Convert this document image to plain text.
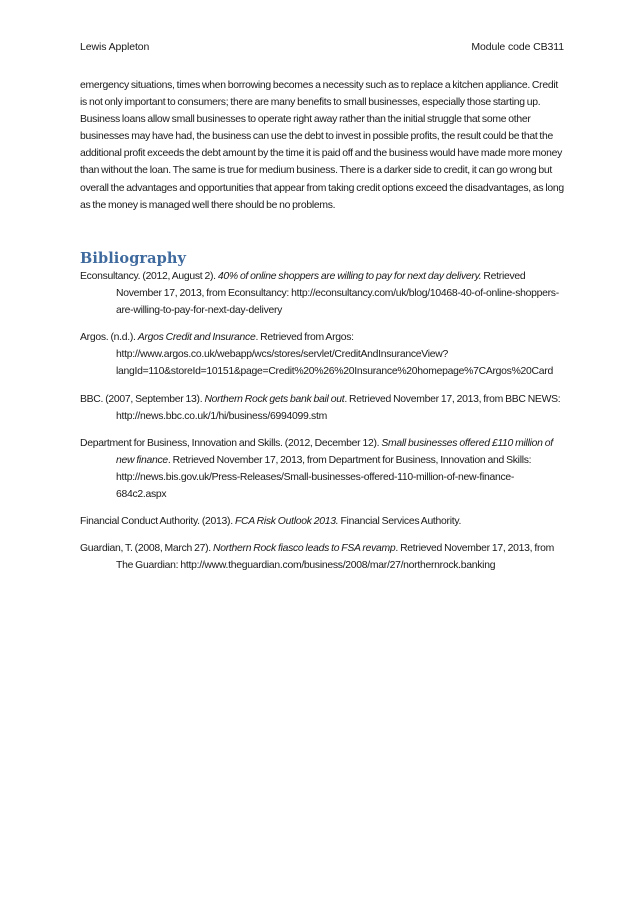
Lewis Appleton	Module code CB311

emergency situations, times when borrowing becomes a necessity such as to replace a kitchen appliance. Credit is not only important to consumers; there are many benefits to small businesses, especially those starting up. Business loans allow small businesses to operate right away rather than the initial struggle that some other businesses may have had, the business can use the debt to invest in possible profits, the result could be that the additional profit exceeds the debt amount by the time it is paid off and the business would have made more money than without the loan. The same is true for medium business. There is a darker side to credit, it can go wrong but overall the advantages and opportunities that appear from taking credit options exceed the disadvantages, as long as the money is managed well there should be no problems.

Bibliography
Econsultancy. (2012, August 2). 40% of online shoppers are willing to pay for next day delivery. Retrieved November 17, 2013, from Econsultancy: http://econsultancy.com/uk/blog/10468-40-of-online-shoppers-are-willing-to-pay-for-next-day-delivery
Argos. (n.d.). Argos Credit and Insurance. Retrieved from Argos: http://www.argos.co.uk/webapp/wcs/stores/servlet/CreditAndInsuranceView?langId=110&storeId=10151&page=Credit%20%26%20Insurance%20homepage%7CArgos%20Card
BBC. (2007, September 13). Northern Rock gets bank bail out. Retrieved November 17, 2013, from BBC NEWS: http://news.bbc.co.uk/1/hi/business/6994099.stm
Department for Business, Innovation and Skills. (2012, December 12). Small businesses offered £110 million of new finance. Retrieved November 17, 2013, from Department for Business, Innovation and Skills: http://news.bis.gov.uk/Press-Releases/Small-businesses-offered-110-million-of-new-finance-684c2.aspx
Financial Conduct Authority. (2013). FCA Risk Outlook 2013. Financial Services Authority.
Guardian, T. (2008, March 27). Northern Rock fiasco leads to FSA revamp. Retrieved November 17, 2013, from The Guardian: http://www.theguardian.com/business/2008/mar/27/northernrock.banking
